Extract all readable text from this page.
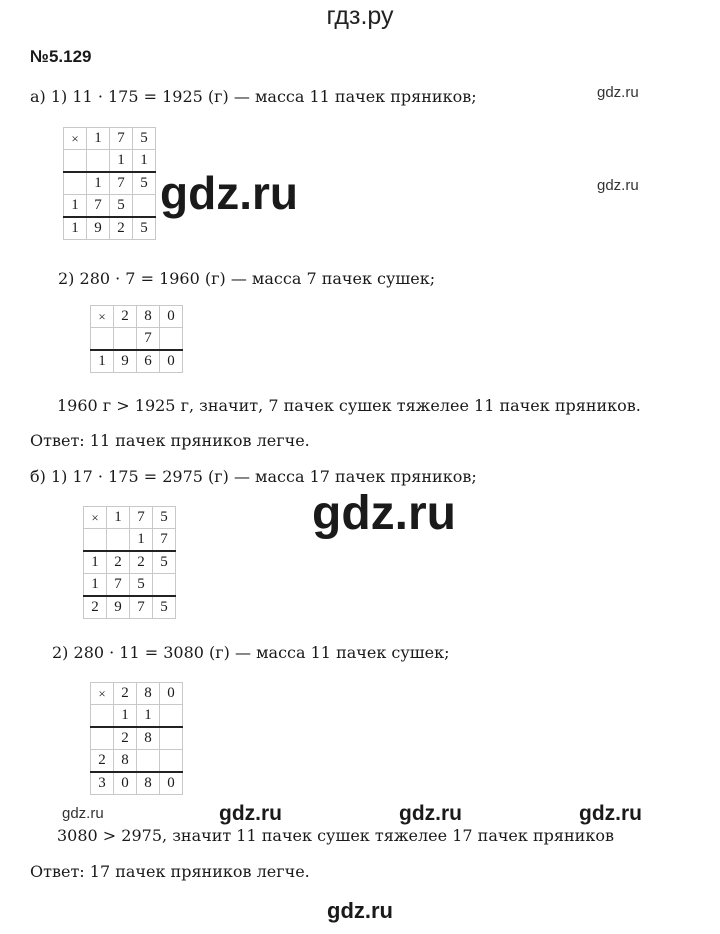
гдз.ру
№5.129
а) 1) 11 · 175 = 1925 (г) — масса 11 пачек пряников;	gdz.ru
×	1	7	5
		1	1
	1	7	5
1	7	5	
1	9	2	5
gdz.ru	gdz.ru
2) 280 · 7 = 1960 (г) — масса 7 пачек сушек;
×	2	8	0
		7	
1	9	6	0
1960 г > 1925 г, значит, 7 пачек сушек тяжелее 11 пачек пряников.
Ответ: 11 пачек пряников легче.
б) 1) 17 · 175 = 2975 (г) — масса 17 пачек пряников;
×	1	7	5
		1	7
1	2	2	5
1	7	5	
2	9	7	5
gdz.ru
2) 280 · 11 = 3080 (г) — масса 11 пачек сушек;
×	2	8	0
	1	1	
	2	8	
2	8		
3	0	8	0
gdz.ru	gdz.ru	gdz.ru	gdz.ru
3080 > 2975, значит 11 пачек сушек тяжелее 17 пачек пряников
Ответ: 17 пачек пряников легче.
gdz.ru
